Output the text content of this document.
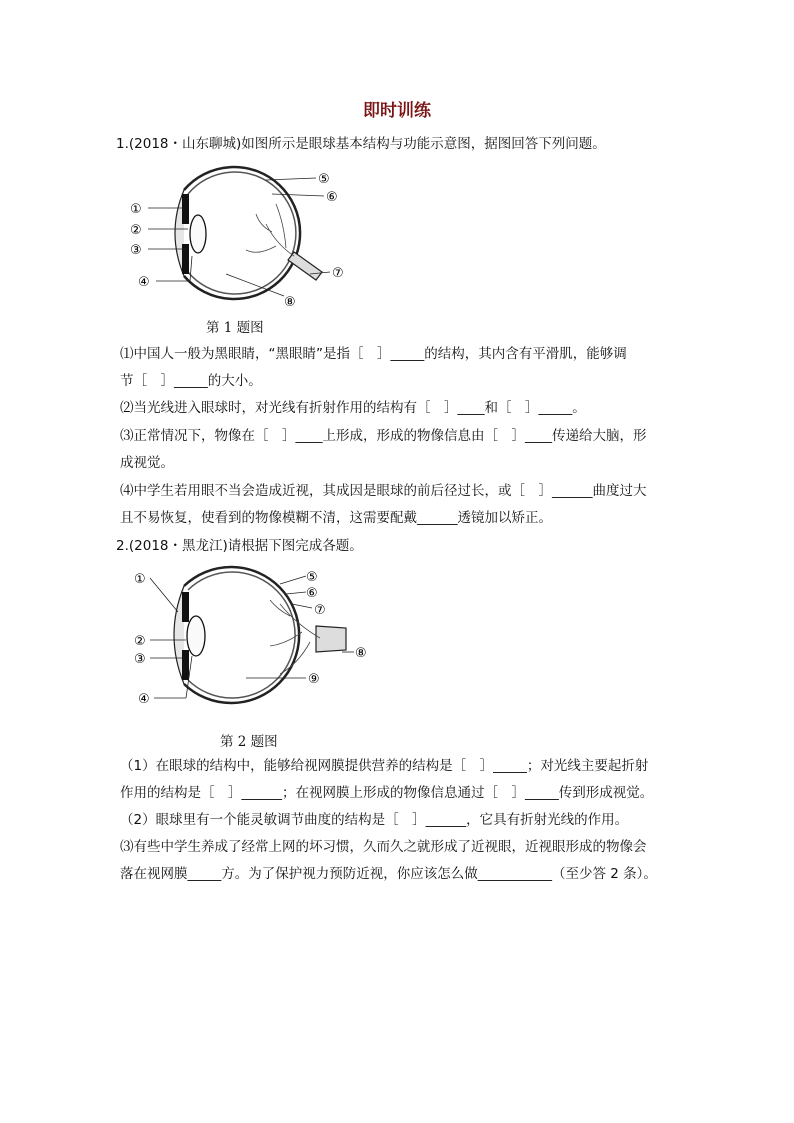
即时训练
1.(2018・山东聊城)如图所示是眼球基本结构与功能示意图，据图回答下列问题。
①
②
③
④
⑤
⑥
⑦
⑧
第 1 题图
⑴中国人一般为黑眼睛，“黑眼睛”是指［　］_____的结构，其内含有平滑肌，能够调
节［　］_____的大小。
⑵当光线进入眼球时，对光线有折射作用的结构有［　］____和［　］_____。
⑶正常情况下，物像在［　］____上形成，形成的物像信息由［　］____传递给大脑，形
成视觉。
⑷中学生若用眼不当会造成近视，其成因是眼球的前后径过长，或［　］______曲度过大
且不易恢复，使看到的物像模糊不清，这需要配戴______透镜加以矫正。
2.(2018・黑龙江)请根据下图完成各题。
①
②
③
④
⑤
⑥
⑦
⑧
⑨
第 2 题图
（1）在眼球的结构中，能够给视网膜提供营养的结构是［　］_____；对光线主要起折射
作用的结构是［　］______；在视网膜上形成的物像信息通过［　］_____传到形成视觉。
（2）眼球里有一个能灵敏调节曲度的结构是［　］______，它具有折射光线的作用。
⑶有些中学生养成了经常上网的坏习惯，久而久之就形成了近视眼，近视眼形成的物像会
落在视网膜_____方。为了保护视力预防近视，你应该怎么做___________（至少答 2 条）。
